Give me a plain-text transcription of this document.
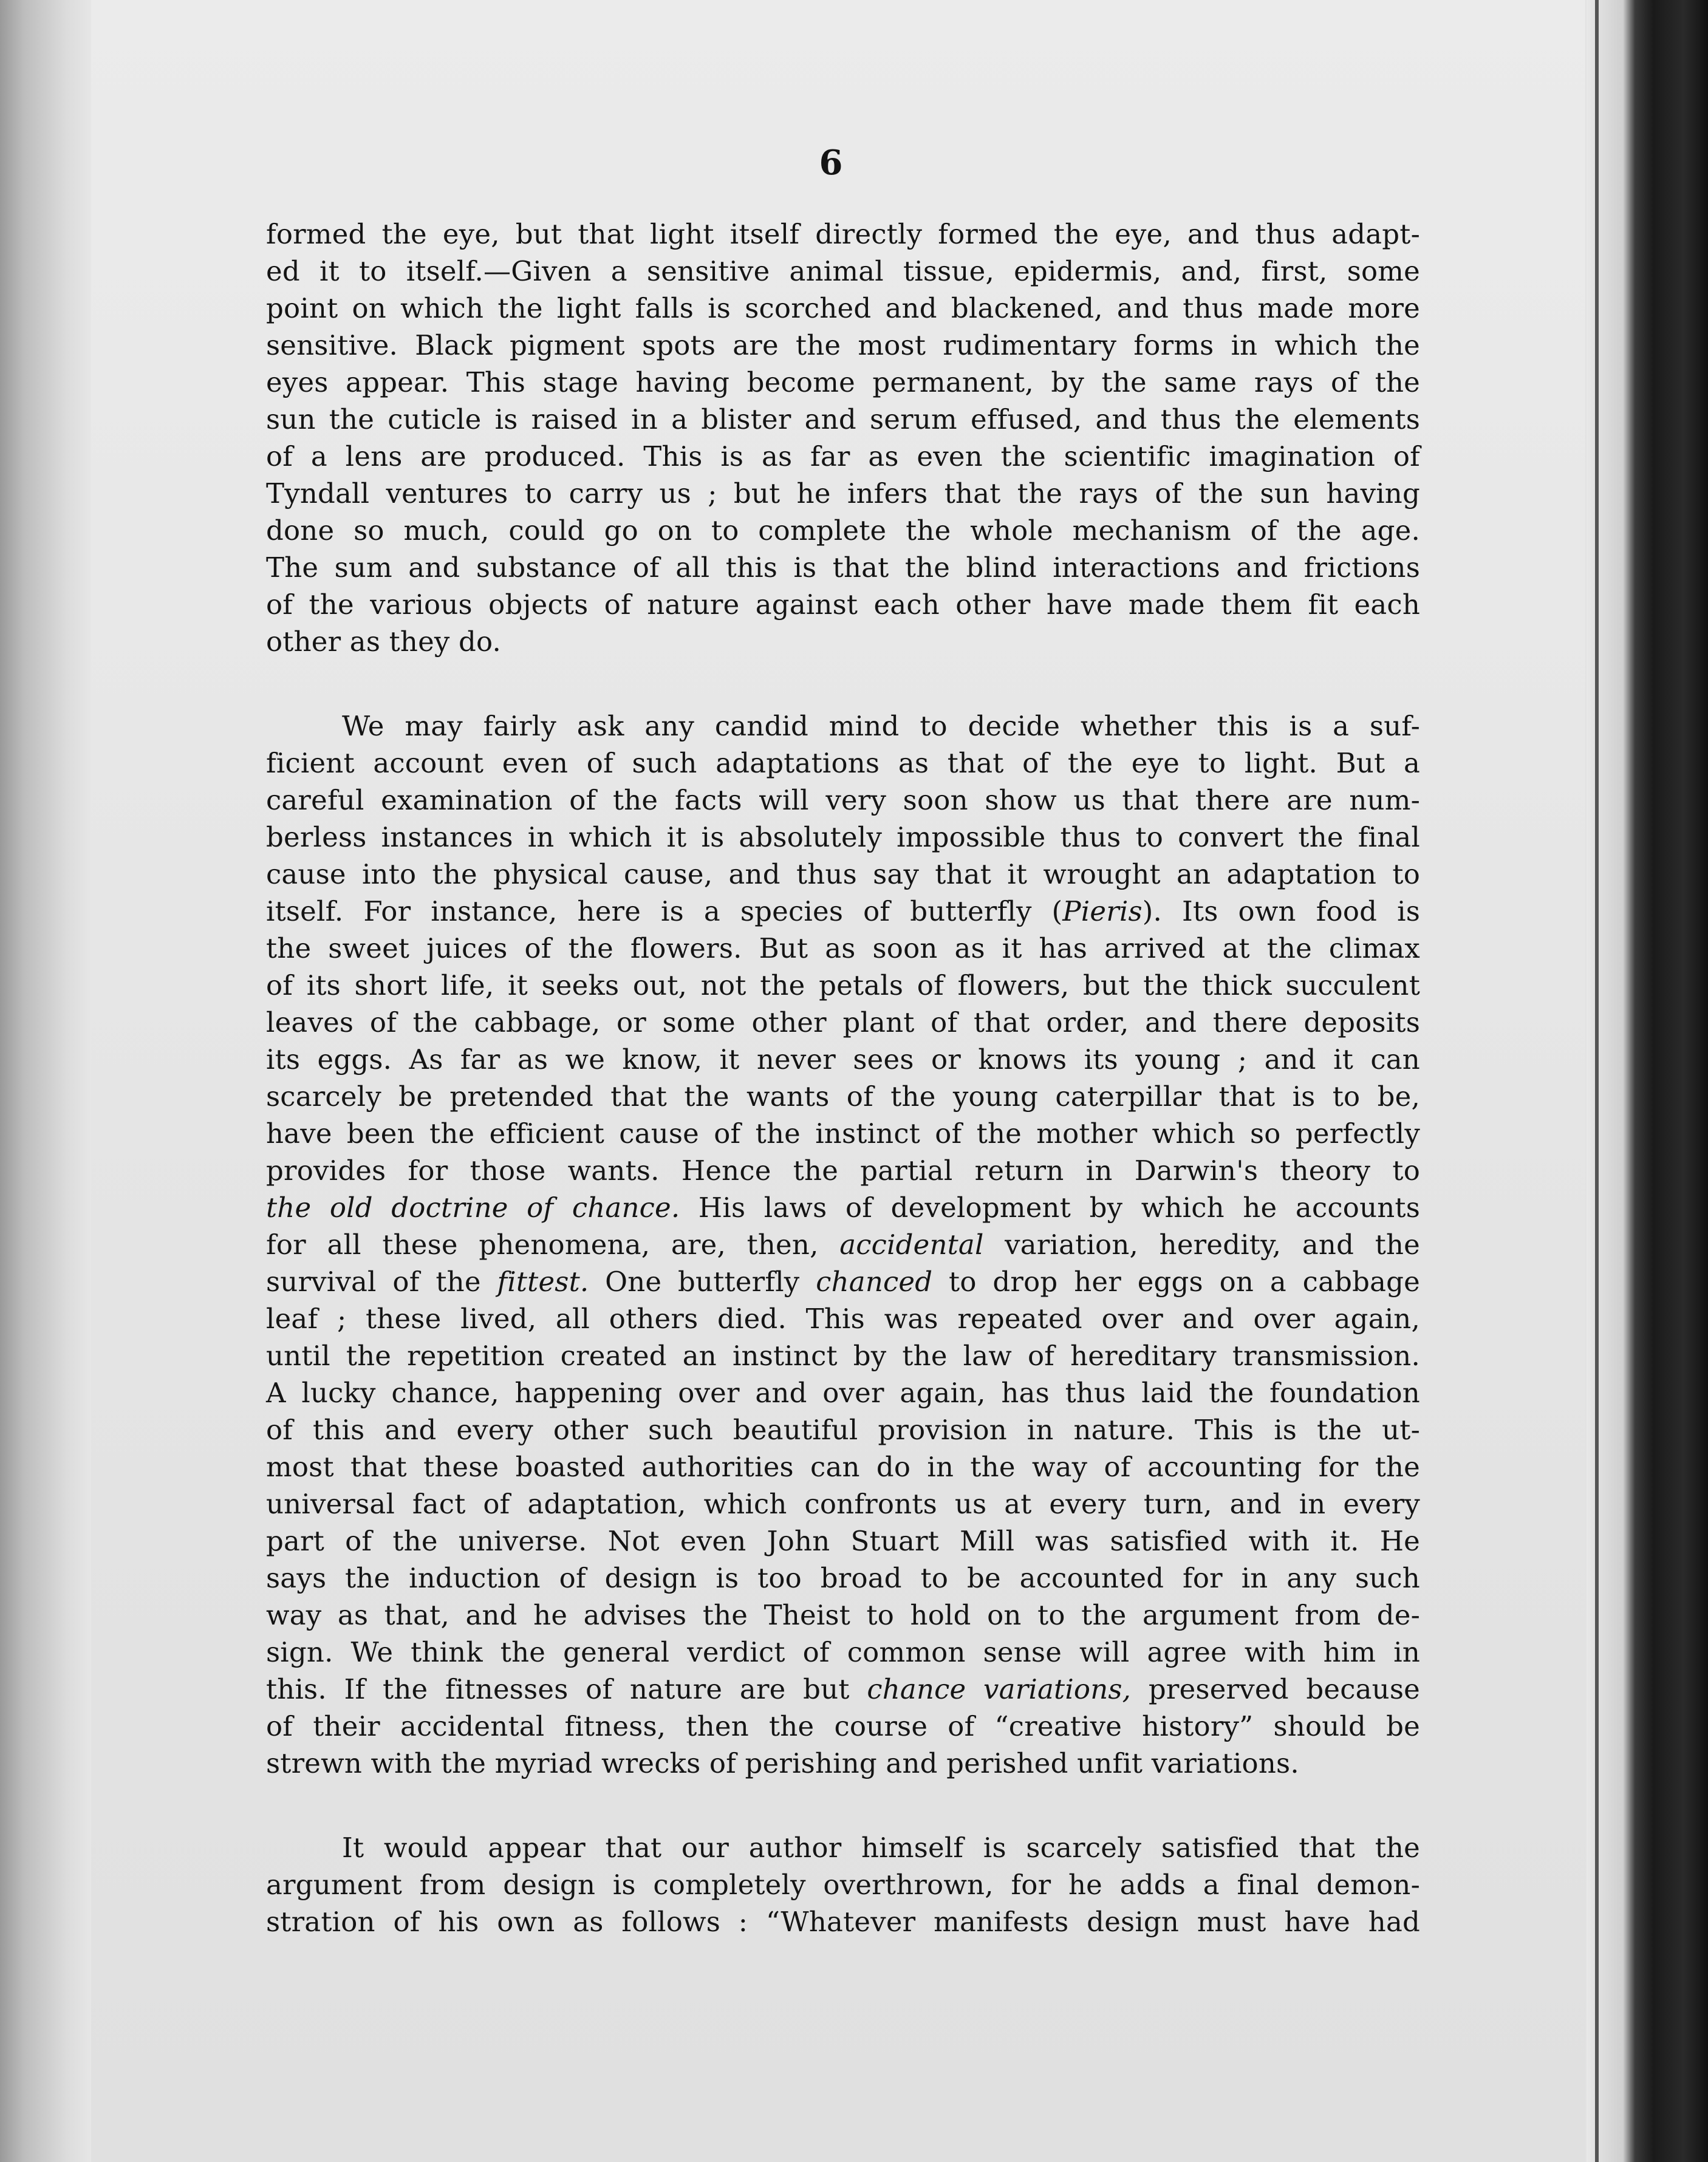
6
formed the eye, but that light itself directly formed the eye, and thus adapt-
ed it to itself.—Given a sensitive animal tissue, epidermis, and, first, some
point on which the light falls is scorched and blackened, and thus made more
sensitive. Black pigment spots are the most rudimentary forms in which the
eyes appear. This stage having become permanent, by the same rays of the
sun the cuticle is raised in a blister and serum effused, and thus the elements
of a lens are produced. This is as far as even the scientific imagination of
Tyndall ventures to carry us ; but he infers that the rays of the sun having
done so much, could go on to complete the whole mechanism of the age.
The sum and substance of all this is that the blind interactions and frictions
of the various objects of nature against each other have made them fit each
other as they do.
We may fairly ask any candid mind to decide whether this is a suf-
ficient account even of such adaptations as that of the eye to light. But a
careful examination of the facts will very soon show us that there are num-
berless instances in which it is absolutely impossible thus to convert the final
cause into the physical cause, and thus say that it wrought an adaptation to
itself. For instance, here is a species of butterfly (Pieris). Its own food is
the sweet juices of the flowers. But as soon as it has arrived at the climax
of its short life, it seeks out, not the petals of flowers, but the thick succulent
leaves of the cabbage, or some other plant of that order, and there deposits
its eggs. As far as we know, it never sees or knows its young ; and it can
scarcely be pretended that the wants of the young caterpillar that is to be,
have been the efficient cause of the instinct of the mother which so perfectly
provides for those wants. Hence the partial return in Darwin's theory to
the old doctrine of chance. His laws of development by which he accounts
for all these phenomena, are, then, accidental variation, heredity, and the
survival of the fittest. One butterfly chanced to drop her eggs on a cabbage
leaf ; these lived, all others died. This was repeated over and over again,
until the repetition created an instinct by the law of hereditary transmission.
A lucky chance, happening over and over again, has thus laid the foundation
of this and every other such beautiful provision in nature. This is the ut-
most that these boasted authorities can do in the way of accounting for the
universal fact of adaptation, which confronts us at every turn, and in every
part of the universe. Not even John Stuart Mill was satisfied with it. He
says the induction of design is too broad to be accounted for in any such
way as that, and he advises the Theist to hold on to the argument from de-
sign. We think the general verdict of common sense will agree with him in
this. If the fitnesses of nature are but chance variations, preserved because
of their accidental fitness, then the course of “creative history” should be
strewn with the myriad wrecks of perishing and perished unfit variations.
It would appear that our author himself is scarcely satisfied that the
argument from design is completely overthrown, for he adds a final demon-
stration of his own as follows : “Whatever manifests design must have had
